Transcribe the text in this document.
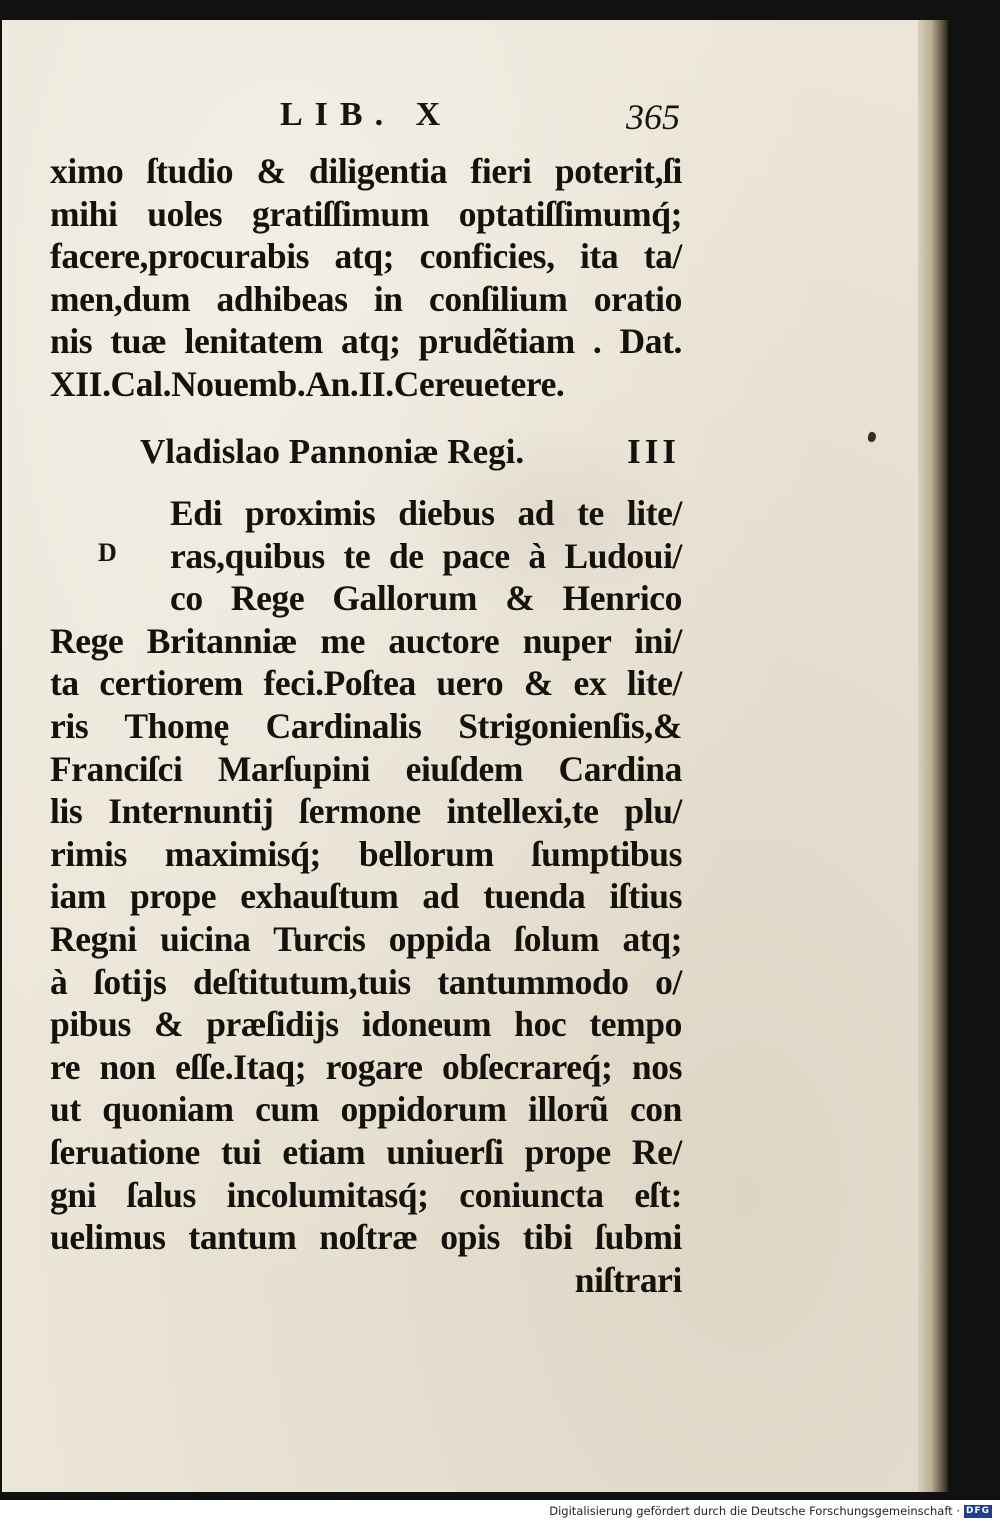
LIB. X	365
ximo ſtudio & diligentia fieri poterit,ſi
mihi uoles gratiſſimum optatiſſimumq́;
facere,procurabis atq; conficies, ita ta/
men,dum adhibeas in conſilium oratio
nis tuæ lenitatem atq; prudẽtiam . Dat.
XII.Cal.Nouemb.An.II.Cereuetere.
Vladislao Pannoniæ Regi.	III
D
Edi proximis diebus ad te lite/
ras,quibus te de pace à Ludoui/
co Rege Gallorum & Henrico
Rege Britanniæ me auctore nuper ini/
ta certiorem feci.Poſtea uero & ex lite/
ris Thomę Cardinalis Strigonienſis,&
Franciſci Marſupini eiuſdem Cardina
lis Internuntij ſermone intellexi,te plu/
rimis maximisq́; bellorum ſumptibus
iam prope exhauſtum ad tuenda iſtius
Regni uicina Turcis oppida ſolum atq;
à ſotijs deſtitutum,tuis tantummodo o/
pibus & præſidijs idoneum hoc tempo
re non eſſe.Itaq; rogare obſecrareq́; nos
ut quoniam cum oppidorum illorũ con
ſeruatione tui etiam uniuerſi prope Re/
gni ſalus incolumitasq́; coniuncta eſt:
uelimus tantum noſtræ opis tibi ſubmi
niſtrari
Digitalisierung gefördert durch die Deutsche Forschungsgemeinschaft · DFG
